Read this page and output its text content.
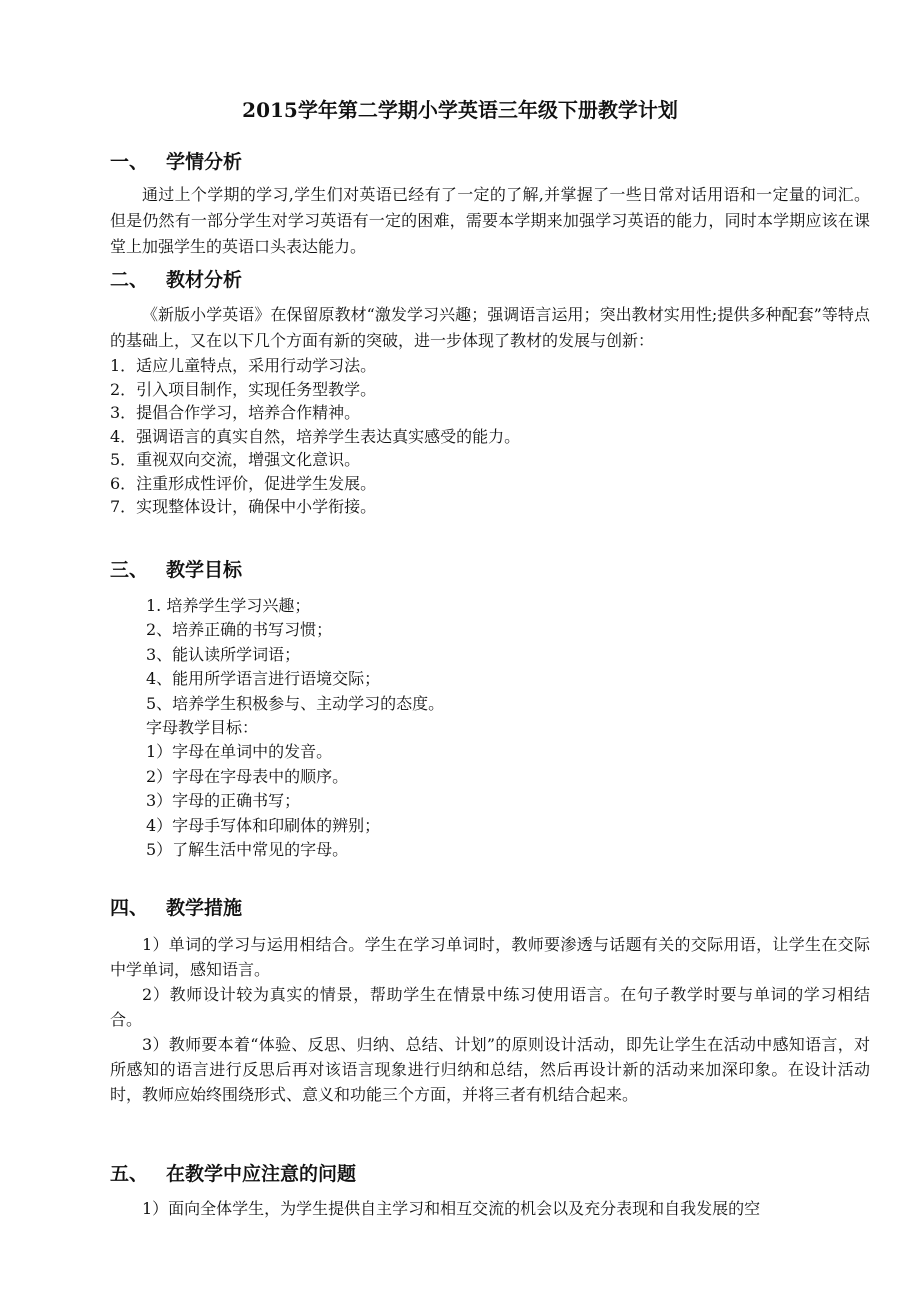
2015学年第二学期小学英语三年级下册教学计划
一、 学情分析

通过上个学期的学习,学生们对英语已经有了一定的了解,并掌握了一些日常对话用语和一定量的词汇。但是仍然有一部分学生对学习英语有一定的困难，需要本学期来加强学习英语的能力，同时本学期应该在课堂上加强学生的英语口头表达能力。

二、 教材分析

《新版小学英语》在保留原教材“激发学习兴趣；强调语言运用；突出教材实用性;提供多种配套”等特点的基础上，又在以下几个方面有新的突破，进一步体现了教材的发展与创新：

1．适应儿童特点，采用行动学习法。

2．引入项目制作，实现任务型教学。

3．提倡合作学习，培养合作精神。

4．强调语言的真实自然，培养学生表达真实感受的能力。

5．重视双向交流，增强文化意识。

6．注重形成性评价，促进学生发展。

7．实现整体设计，确保中小学衔接。

三、 教学目标

1. 培养学生学习兴趣；

2、培养正确的书写习惯；

3、能认读所学词语；

4、能用所学语言进行语境交际；

5、培养学生积极参与、主动学习的态度。

字母教学目标：

1）字母在单词中的发音。

2）字母在字母表中的顺序。

3）字母的正确书写；

4）字母手写体和印刷体的辨别；

5）了解生活中常见的字母。

四、 教学措施

1）单词的学习与运用相结合。学生在学习单词时，教师要渗透与话题有关的交际用语，让学生在交际中学单词，感知语言。

2）教师设计较为真实的情景，帮助学生在情景中练习使用语言。在句子教学时要与单词的学习相结合。

3）教师要本着“体验、反思、归纳、总结、计划”的原则设计活动，即先让学生在活动中感知语言，对所感知的语言进行反思后再对该语言现象进行归纳和总结，然后再设计新的活动来加深印象。在设计活动时，教师应始终围绕形式、意义和功能三个方面，并将三者有机结合起来。

五、 在教学中应注意的问题

1）面向全体学生，为学生提供自主学习和相互交流的机会以及充分表现和自我发展的空
